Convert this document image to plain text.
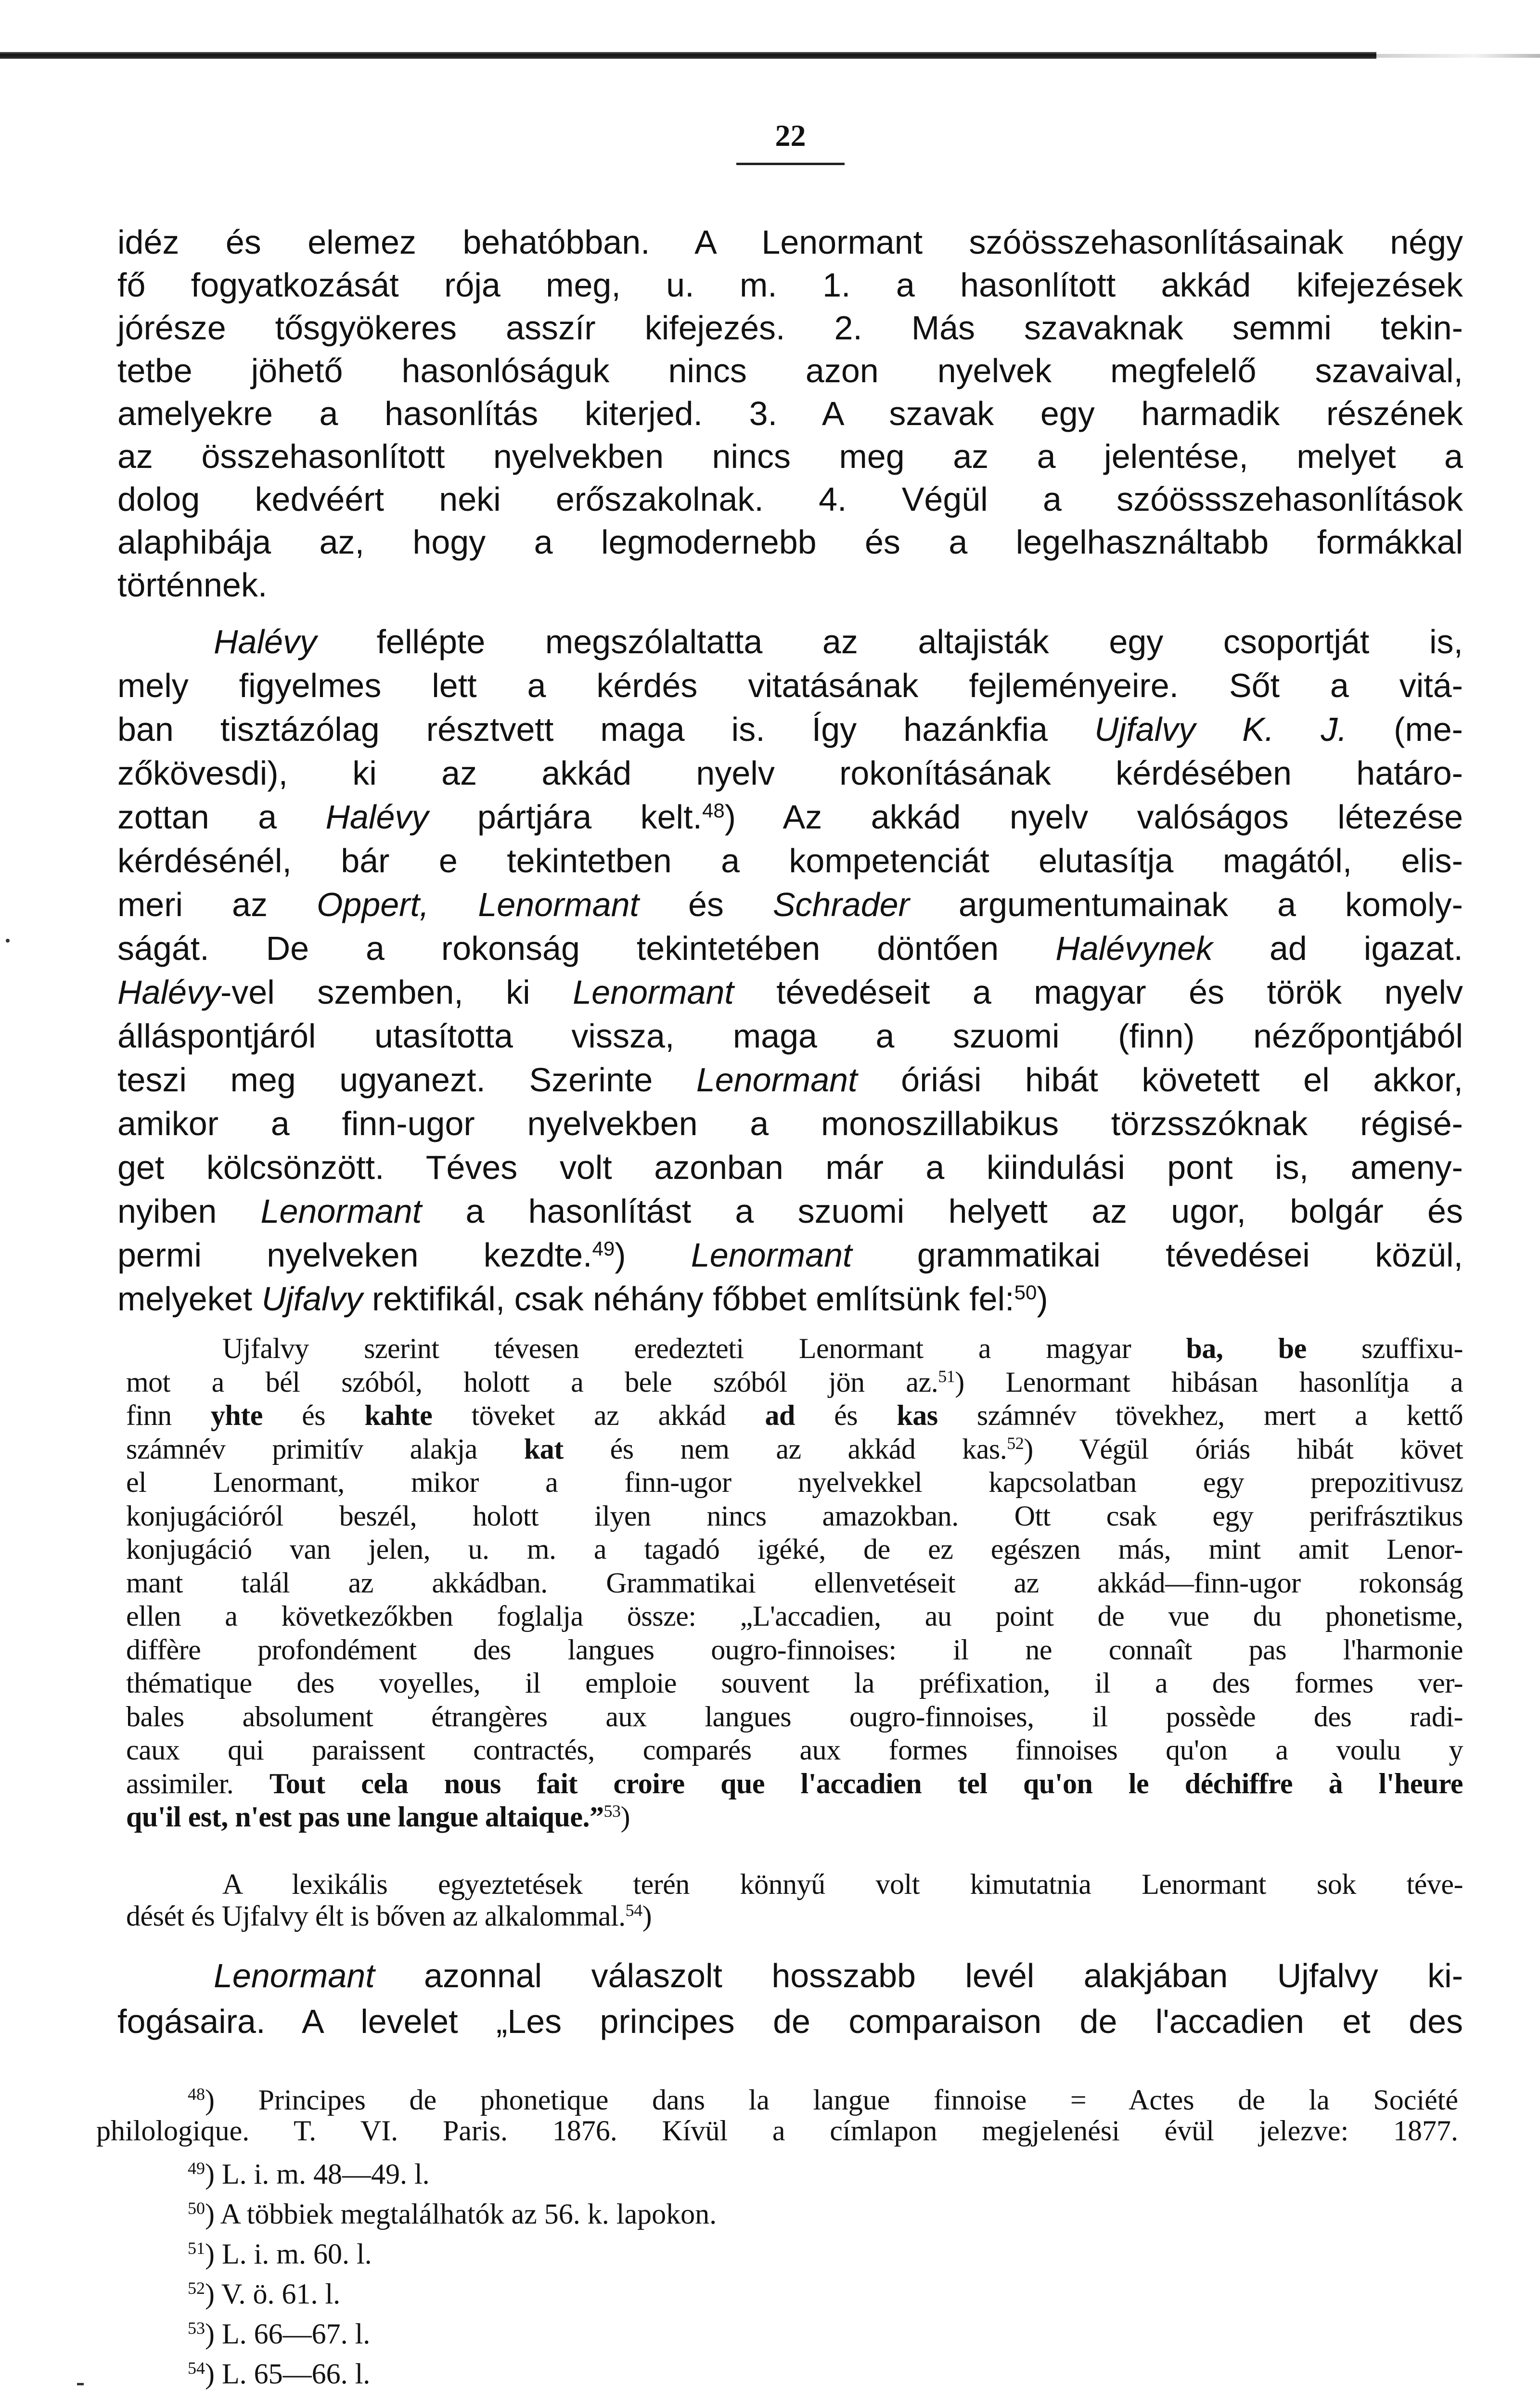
22
idéz és elemez behatóbban. A Lenormant szóösszehasonlításainak négy
fő fogyatkozását rója meg, u. m. 1. a hasonlított akkád kifejezések
jórésze tősgyökeres asszír kifejezés. 2. Más szavaknak semmi tekin-
tetbe jöhető hasonlóságuk nincs azon nyelvek megfelelő szavaival,
amelyekre a hasonlítás kiterjed. 3. A szavak egy harmadik részének
az összehasonlított nyelvekben nincs meg az a jelentése, melyet a
dolog kedvéért neki erőszakolnak. 4. Végül a szóössszehasonlítások
alaphibája az, hogy a legmodernebb és a legelhasználtabb formákkal
történnek.
Halévy fellépte megszólaltatta az altajisták egy csoportját is,
mely figyelmes lett a kérdés vitatásának fejleményeire. Sőt a vitá-
ban tisztázólag résztvett maga is. Így hazánkfia Ujfalvy K. J. (me-
zőkövesdi), ki az akkád nyelv rokonításának kérdésében határo-
zottan a Halévy pártjára kelt.$^{48}$) Az akkád nyelv valóságos létezése
kérdésénél, bár e tekintetben a kompetenciát elutasítja magától, elis-
meri az Oppert, Lenormant és Schrader argumentumainak a komoly-
ságát. De a rokonság tekintetében döntően Halévynek ad igazat.
Halévy-vel szemben, ki Lenormant tévedéseit a magyar és török nyelv
álláspontjáról utasította vissza, maga a szuomi (finn) nézőpontjából
teszi meg ugyanezt. Szerinte Lenormant óriási hibát követett el akkor,
amikor a finn-ugor nyelvekben a monoszillabikus törzsszóknak régisé-
get kölcsönzött. Téves volt azonban már a kiindulási pont is, ameny-
nyiben Lenormant a hasonlítást a szuomi helyett az ugor, bolgár és
permi nyelveken kezdte.$^{49}$) Lenormant grammatikai tévedései közül,
melyeket Ujfalvy rektifikál, csak néhány főbbet említsünk fel:$^{50}$)
Ujfalvy szerint tévesen eredezteti Lenormant a magyar ba, be szuffixu-
mot a bél szóból, holott a bele szóból jön az.$^{51}$) Lenormant hibásan hasonlítja a
finn yhte és kahte töveket az akkád ad és kas számnév tövekhez, mert a kettő
számnév primitív alakja kat és nem az akkád kas.$^{52}$) Végül óriás hibát követ
el Lenormant, mikor a finn-ugor nyelvekkel kapcsolatban egy prepozitivusz
konjugációról beszél, holott ilyen nincs amazokban. Ott csak egy perifrásztikus
konjugáció van jelen, u. m. a tagadó igéké, de ez egészen más, mint amit Lenor-
mant talál az akkádban. Grammatikai ellenvetéseit az akkád—finn-ugor rokonság
ellen a következőkben foglalja össze: „L'accadien, au point de vue du phonetisme,
diffère profondément des langues ougro-finnoises: il ne connaît pas l'harmonie
thématique des voyelles, il emploie souvent la préfixation, il a des formes ver-
bales absolument étrangères aux langues ougro-finnoises, il possède des radi-
caux qui paraissent contractés, comparés aux formes finnoises qu'on a voulu y
assimiler. Tout cela nous fait croire que l'accadien tel qu'on le déchiffre à l'heure
qu'il est, n'est pas une langue altaique.”$^{53}$)
A lexikális egyeztetések terén könnyű volt kimutatnia Lenormant sok téve-
dését és Ujfalvy élt is bőven az alkalommal.$^{54}$)
Lenormant azonnal válaszolt hosszabb levél alakjában Ujfalvy ki-
fogásaira. A levelet „Les principes de comparaison de l'accadien et des
$^{48}$) Principes de phonetique dans la langue finnoise = Actes de la Société
philologique. T. VI. Paris. 1876. Kívül a címlapon megjelenési évül jelezve: 1877.
$^{49}$) L. i. m. 48—49. l.
$^{50}$) A többiek megtalálhatók az 56. k. lapokon.
$^{51}$) L. i. m. 60. l.
$^{52}$) V. ö. 61. l.
$^{53}$) L. 66—67. l.
$^{54}$) L. 65—66. l.
